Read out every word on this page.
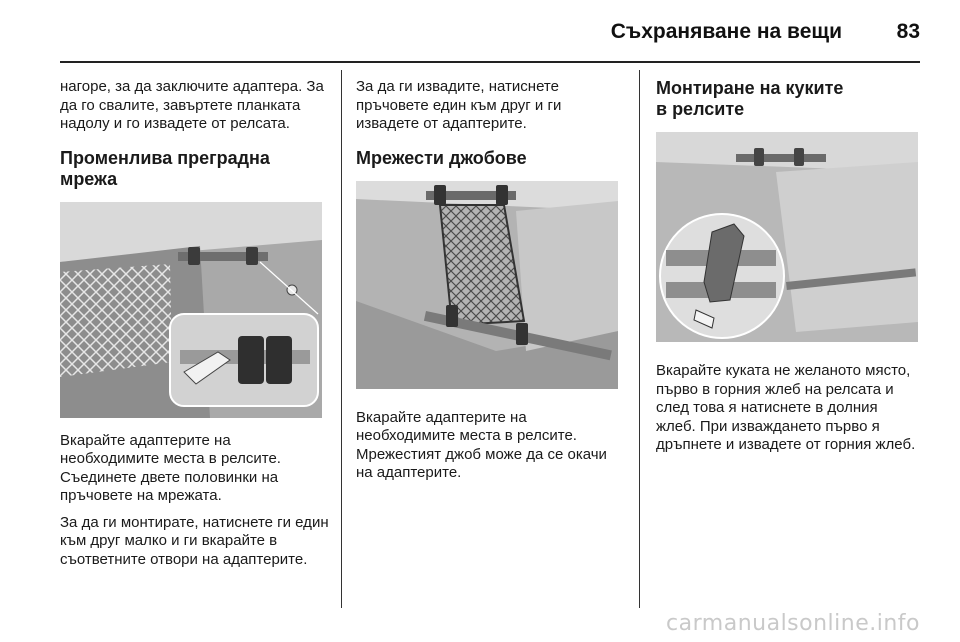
Съхраняване на вещи	83

нагоре, за да заключите адаптера. За да го свалите, завъртете планката надолу и го извадете от релсата.

Променлива преградна мрежа

Вкарайте адаптерите на необходимите места в релсите. Съединете двете половинки на пръчовете на мрежата.

За да ги монтирате, натиснете ги един към друг малко и ги вкарайте в съответните отвори на адаптерите.

За да ги извадите, натиснете пръчовете един към друг и ги извадете от адаптерите.

Мрежести джобове

Вкарайте адаптерите на необходимите места в релсите. Мрежестият джоб може да се окачи на адаптерите.

Монтиране на куките
в релсите

Вкарайте куката не желаното място, първо в горния жлеб на релсата и след това я натиснете в долния жлеб. При изваждането първо я дръпнете и извадете от горния жлеб.

carmanualsonline.info
